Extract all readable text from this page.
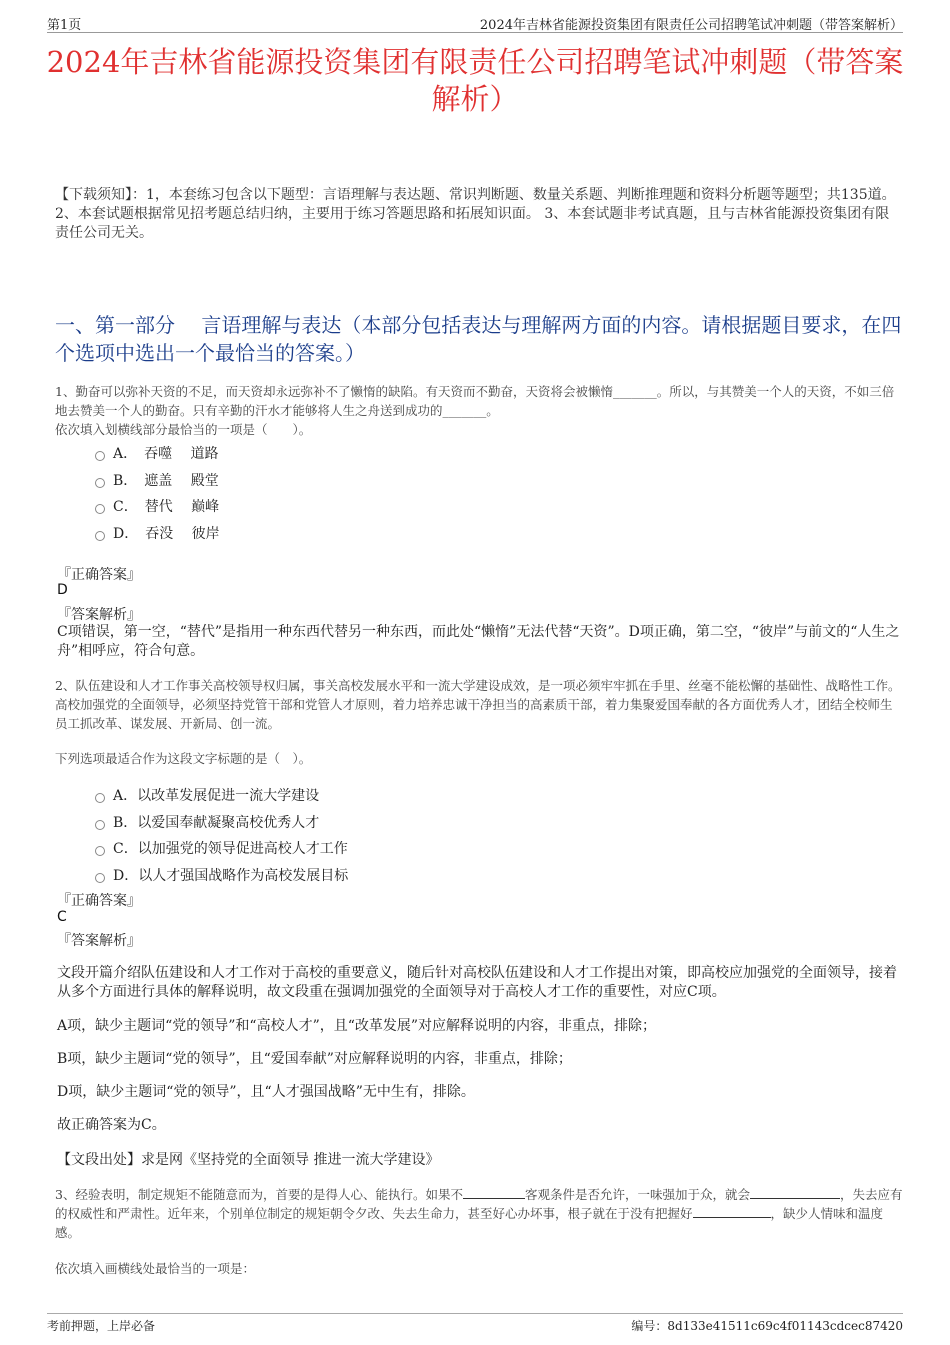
第1页	2024年吉林省能源投资集团有限责任公司招聘笔试冲刺题（带答案解析）
2024年吉林省能源投资集团有限责任公司招聘笔试冲刺题（带答案解析）
【下载须知】：1，本套练习包含以下题型：言语理解与表达题、常识判断题、数量关系题、判断推理题和资料分析题等题型；共135道。 2、本套试题根据常见招考题总结归纳，主要用于练习答题思路和拓展知识面。 3、本套试题非考试真题，且与吉林省能源投资集团有限责任公司无关。
一、第一部分　 言语理解与表达（本部分包括表达与理解两方面的内容。请根据题目要求，在四个选项中选出一个最恰当的答案。）
1、勤奋可以弥补天资的不足，而天资却永远弥补不了懒惰的缺陷。有天资而不勤奋，天资将会被懒惰_______。所以，与其赞美一个人的天资，不如三倍地去赞美一个人的勤奋。只有辛勤的汗水才能够将人生之舟送到成功的_______。
依次填入划横线部分最恰当的一项是（　　）。
A．　吞噬　 道路
B．　遮盖　 殿堂
C．　替代　 巅峰
D．　吞没　 彼岸
『正确答案』
D
『答案解析』
C项错误，第一空，“替代”是指用一种东西代替另一种东西，而此处“懒惰”无法代替“天资”。D项正确，第二空，“彼岸”与前文的“人生之舟”相呼应，符合句意。
2、队伍建设和人才工作事关高校领导权归属，事关高校发展水平和一流大学建设成效，是一项必须牢牢抓在手里、丝毫不能松懈的基础性、战略性工作。高校加强党的全面领导，必须坚持党管干部和党管人才原则，着力培养忠诚干净担当的高素质干部，着力集聚爱国奉献的各方面优秀人才，团结全校师生员工抓改革、谋发展、开新局、创一流。
下列选项最适合作为这段文字标题的是（　）。
A．以改革发展促进一流大学建设
B．以爱国奉献凝聚高校优秀人才
C．以加强党的领导促进高校人才工作
D．以人才强国战略作为高校发展目标
『正确答案』
C
『答案解析』
文段开篇介绍队伍建设和人才工作对于高校的重要意义，随后针对高校队伍建设和人才工作提出对策，即高校应加强党的全面领导，接着从多个方面进行具体的解释说明，故文段重在强调加强党的全面领导对于高校人才工作的重要性，对应C项。
A项，缺少主题词“党的领导”和“高校人才”，且“改革发展”对应解释说明的内容，非重点，排除；
B项，缺少主题词“党的领导”，且“爱国奉献”对应解释说明的内容，非重点，排除；
D项，缺少主题词“党的领导”，且“人才强国战略”无中生有，排除。
故正确答案为C。
【文段出处】求是网《坚持党的全面领导 推进一流大学建设》
3、经验表明，制定规矩不能随意而为，首要的是得人心、能执行。如果不	客观条件是否允许，一味强加于众，就会	，失去应有的权威性和严肃性。近年来，个别单位制定的规矩朝令夕改、失去生命力，甚至好心办坏事，根子就在于没有把握好	，缺少人情味和温度感。
依次填入画横线处最恰当的一项是：
考前押题，上岸必备	编号：8d133e41511c69c4f01143cdcec87420
